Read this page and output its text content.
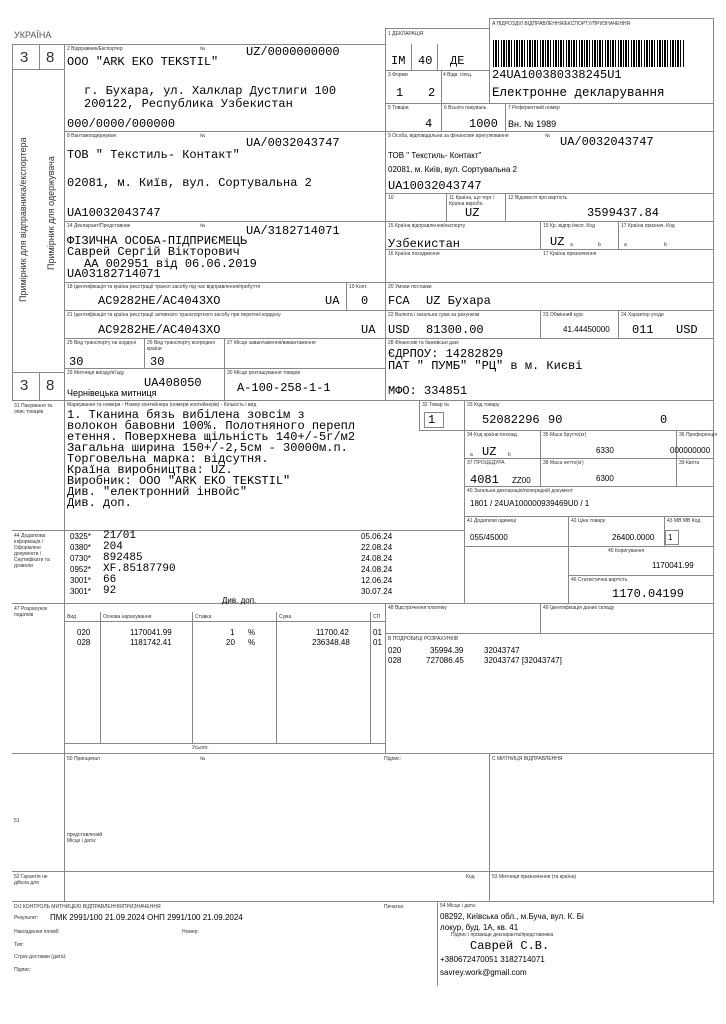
УКРАЇНА
3 8
Примірник для відправника/експортера Примірник для одержувача
3 8
1 ДЕКЛАРАЦІЯ
IM 40 ДЕ
A ПІДРОЗДІЛ ВІДПРАВЛЕННЯ/ЕКСПОРТУ/ПРИЗНАЧЕННЯ
24UA100380338245U1
Електронне декларування
2 Відправник/Експортер	№	UZ/0000000000
ООО "ARK EKO TEKSTIL"
г. Бухара, ул. Халклар Дустлиги 100
200122, Республика Узбекистан
000/0000/000000
3 Форми
1 2
4 Відв. спец.
5 Товари
4
6 Всього пакувань
1000
7 Референтний номер
Вн. № 1989
8 Вантажоодержувач	№	UA/0032043747
ТОВ " Текстиль- Контакт"
02081, м. Київ, вул. Сортувальна 2
UA10032043747
9 Особа, відповідальна за фінансове врегулювання	№ UA/0032043747
ТОВ " Текстиль- Контакт"
02081, м. Київ, вул. Сортувальна 2
UA10032043747
10	11 Країна, що торг / Країна виробн.
UZ
12 Відомості про вартість
3599437.84
14 Декларант/Представник	№	UA/3182714071
ФІЗИЧНА ОСОБА-ПІДПРИЄМЕЦЬ
Саврей Сергій Вікторович
АА 002951 від 06.06.2019
UA03182714071
15 Країна відправлення/експорту
Узбекистан
15 Кр. відпр./експ. Код
UZ a	b
17 Країна признач. Код
a	b
16 Країна походження	17 Країна призначення
18 Ідентифікація та країна реєстрації трансп засобу під час відправлення/прибуття
AC9282HE/AC4043XO	UA
19 Конт.
0
20 Умови поставки
FCA UZ Бухара
21 Ідентифікація та країна реєстрації активного транспортного засобу при перетині кордону
AC9282HE/AC4043XO	UA
22 Валюта і загальна сума за рахунком
USD 81300.00
23 Обмінний курс
41.44450000
24 Характер угоди
011 USD
25 Вид транспорту на кордоні
30
26 Вид транспорту всередині країни
30
27 Місце завантаження/вивантаження	28 Фінансові та банківські дані
ЄДРПОУ: 14282829
ПАТ " ПУМБ" "РЦ" в м. Києві
МФО: 334851
29 Митниця виїзду/в'їзду
UA408050
Чернівецька митниця
30 Місце розташування товарів
A-100-258-1-1
31 Пакування та опис товарів
Маркування та номери - Номер контейнера (номери контейнерів) - Кількість і вид
1. Тканина бязь вибілена зовсім з
волокон бавовни 100%. Полотняного перепл
етення. Поверхнева щільність 140+/-5г/м2
Загальна ширина 150+/-2,5см - 30000м.п.
Торговельна марка: відсутня.
Країна виробництва: UZ.
Виробник: ООО "ARK EKO TEKSTIL"
Див. "електронний інвойс"
Див. доп.
32 Товар №
1
33 Код товару
52082296 90	0
34 Код країни похожд.
UZ
a	b
35 Маса брутто(кг)
6330
36 Преференція
000000000
37 ПРОЦЕДУРА
4081 ZZ00
38 Маса нетто(кг)
6300
39 Квота
40 Загальна декларація/попередній документ
1801 / 24UA100000939469U0 / 1
41 Додаткові одиниці
055/45000
42 Ціна товару
26400.0000 1
43 МВ МВ Код
44 Додаткова інформація /Оформлені документи /Сертифікати та дозволи
0325* 21/01	05.06.24
0380* 204	22.08.24
0730* 892485	24.08.24
0952* ХF.85187790	24.08.24
3001* 66	12.06.24
3001* 92	30.07.24
Див. доп.
45 Коригування
1170041.99
46 Статистична вартість
1170.04199
47 Розрахунок податків	Вид	Основа нарахування	Ставка	Сума	СП
020	1170041.99	1 %	11700.42	01
028	1181742.41	20 %	236348.48	01
Усього:
48 Відстрочення платежу	49 Ідентифікація даних складу
В ПОДРОБИЦІ РОЗРАХУНКІВ
020	35994.39	32043747
028	727086.45	32043747 [32043747]
50 Принципал	№	Підпис:
51
представлений
Місце і дата:
С МИТНИЦЯ ВІДПРАВЛЕННЯ
52 Гарантія не дійсна для
Код	53 Митниця призначення (та країна)
D/J КОНТРОЛЬ МИТНИЦЕЮ ВІДПРАВЛЕННЯ/ПРИЗНАЧЕННЯ	Печатка:
Результат: ПМК 2991/100 21.09.2024 ОНП 2991/100 21.09.2024
Накладення пломб:	Номер:
Тип:
Строк доставки (дата):
Підпис:
54 Місце і дата:
08292, Київська обл., м.Буча, вул. К. Бі
локур, буд. 1А, кв. 41
Підпис і прізвище декларанта/представника
Саврей С.В.
+380672470051 3182714071
savrey.work@gmail.com
